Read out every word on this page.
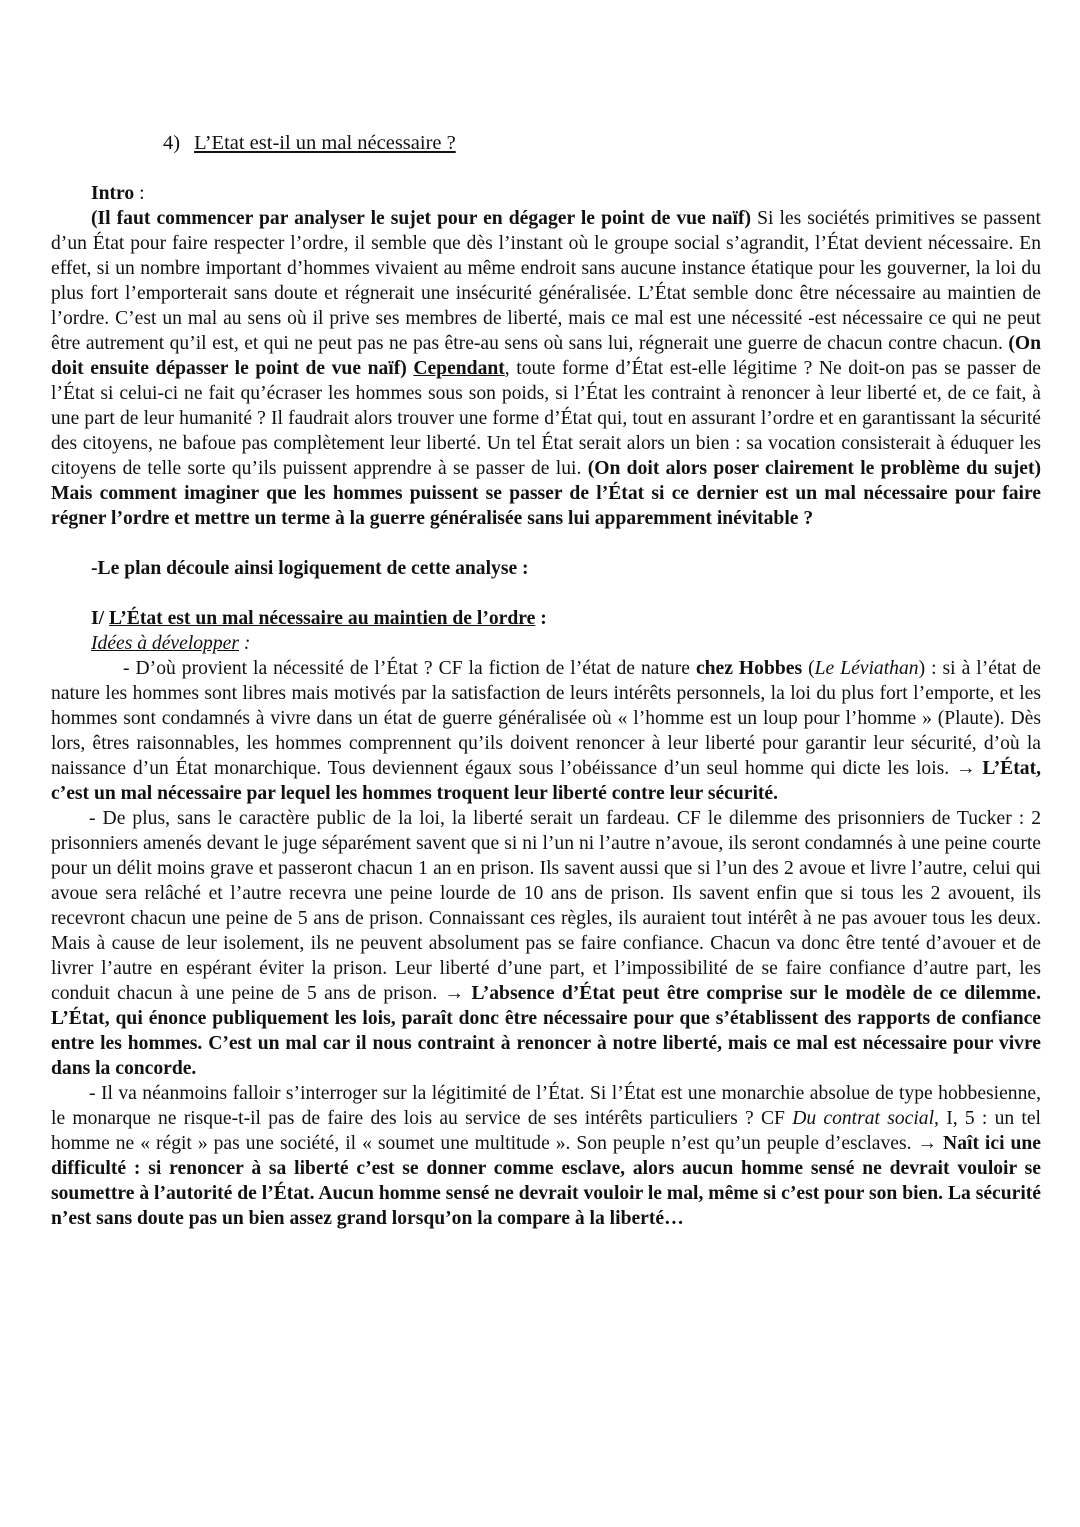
4) L’Etat est-il un mal nécessaire ?

Intro :

(Il faut commencer par analyser le sujet pour en dégager le point de vue naïf) Si les sociétés primitives se passent d’un État pour faire respecter l’ordre, il semble que dès l’instant où le groupe social s’agrandit, l’État devient nécessaire. En effet, si un nombre important d’hommes vivaient au même endroit sans aucune instance étatique pour les gouverner, la loi du plus fort l’emporterait sans doute et régnerait une insécurité généralisée. L’État semble donc être nécessaire au maintien de l’ordre. C’est un mal au sens où il prive ses membres de liberté, mais ce mal est une nécessité -est nécessaire ce qui ne peut être autrement qu’il est, et qui ne peut pas ne pas être-au sens où sans lui, régnerait une guerre de chacun contre chacun. (On doit ensuite dépasser le point de vue naïf) Cependant, toute forme d’État est-elle légitime ? Ne doit-on pas se passer de l’État si celui-ci ne fait qu’écraser les hommes sous son poids, si l’État les contraint à renoncer à leur liberté et, de ce fait, à une part de leur humanité ? Il faudrait alors trouver une forme d’État qui, tout en assurant l’ordre et en garantissant la sécurité des citoyens, ne bafoue pas complètement leur liberté. Un tel État serait alors un bien : sa vocation consisterait à éduquer les citoyens de telle sorte qu’ils puissent apprendre à se passer de lui. (On doit alors poser clairement le problème du sujet) Mais comment imaginer que les hommes puissent se passer de l’État si ce dernier est un mal nécessaire pour faire régner l’ordre et mettre un terme à la guerre généralisée sans lui apparemment inévitable ?

-Le plan découle ainsi logiquement de cette analyse :

I/ L’État est un mal nécessaire au maintien de l’ordre :

Idées à développer :

- D’où provient la nécessité de l’État ? CF la fiction de l’état de nature chez Hobbes (Le Léviathan) : si à l’état de nature les hommes sont libres mais motivés par la satisfaction de leurs intérêts personnels, la loi du plus fort l’emporte, et les hommes sont condamnés à vivre dans un état de guerre généralisée où « l’homme est un loup pour l’homme » (Plaute). Dès lors, êtres raisonnables, les hommes comprennent qu’ils doivent renoncer à leur liberté pour garantir leur sécurité, d’où la naissance d’un État monarchique. Tous deviennent égaux sous l’obéissance d’un seul homme qui dicte les lois. → L’État, c’est un mal nécessaire par lequel les hommes troquent leur liberté contre leur sécurité.

- De plus, sans le caractère public de la loi, la liberté serait un fardeau. CF le dilemme des prisonniers de Tucker : 2 prisonniers amenés devant le juge séparément savent que si ni l’un ni l’autre n’avoue, ils seront condamnés à une peine courte pour un délit moins grave et passeront chacun 1 an en prison. Ils savent aussi que si l’un des 2 avoue et livre l’autre, celui qui avoue sera relâché et l’autre recevra une peine lourde de 10 ans de prison. Ils savent enfin que si tous les 2 avouent, ils recevront chacun une peine de 5 ans de prison. Connaissant ces règles, ils auraient tout intérêt à ne pas avouer tous les deux. Mais à cause de leur isolement, ils ne peuvent absolument pas se faire confiance. Chacun va donc être tenté d’avouer et de livrer l’autre en espérant éviter la prison. Leur liberté d’une part, et l’impossibilité de se faire confiance d’autre part, les conduit chacun à une peine de 5 ans de prison. → L’absence d’État peut être comprise sur le modèle de ce dilemme. L’État, qui énonce publiquement les lois, paraît donc être nécessaire pour que s’établissent des rapports de confiance entre les hommes. C’est un mal car il nous contraint à renoncer à notre liberté, mais ce mal est nécessaire pour vivre dans la concorde.

- Il va néanmoins falloir s’interroger sur la légitimité de l’État. Si l’État est une monarchie absolue de type hobbesienne, le monarque ne risque-t-il pas de faire des lois au service de ses intérêts particuliers ? CF Du contrat social, I, 5 : un tel homme ne « régit » pas une société, il « soumet une multitude ». Son peuple n’est qu’un peuple d’esclaves. → Naît ici une difficulté : si renoncer à sa liberté c’est se donner comme esclave, alors aucun homme sensé ne devrait vouloir se soumettre à l’autorité de l’État. Aucun homme sensé ne devrait vouloir le mal, même si c’est pour son bien. La sécurité n’est sans doute pas un bien assez grand lorsqu’on la compare à la liberté…
